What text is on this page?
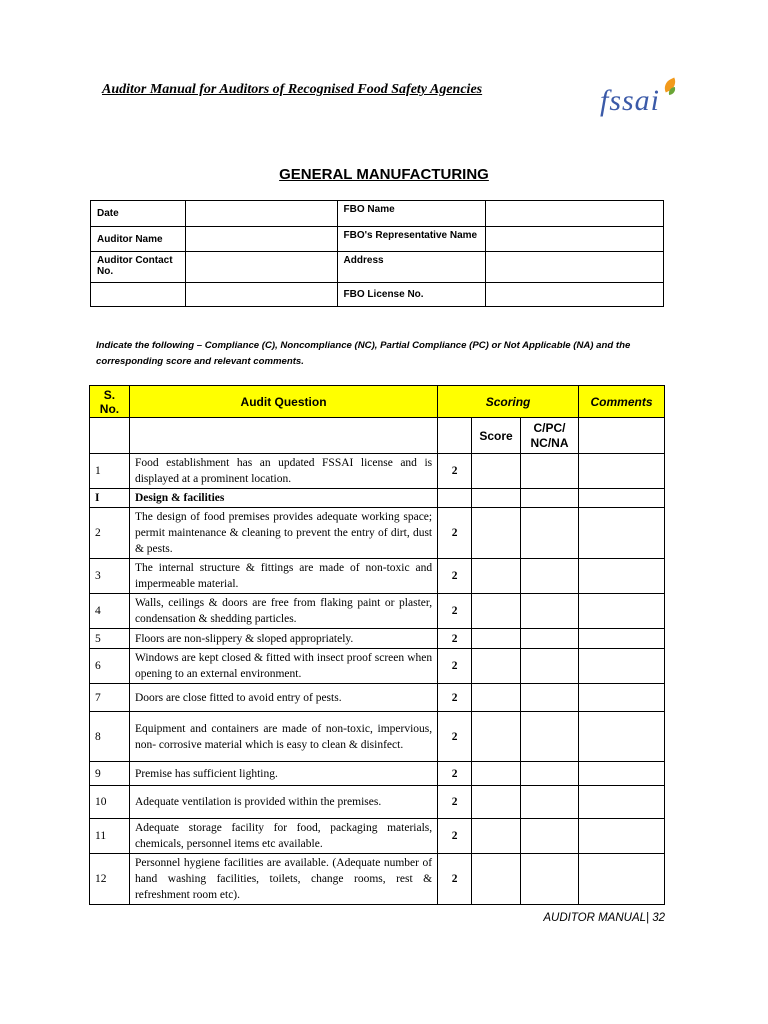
Auditor Manual for Auditors of Recognised Food Safety Agencies	fssai
GENERAL MANUFACTURING
Date		FBO Name	
Auditor Name		FBO's Representative Name	
Auditor Contact No.		Address	
		FBO License No.	
Indicate the following – Compliance (C), Noncompliance (NC), Partial Compliance (PC) or Not Applicable (NA) and the corresponding score and relevant comments.
S. No.	Audit Question	Scoring			Comments
			Score	C/PC/ NC/NA	
1	Food establishment has an updated FSSAI license and is displayed at a prominent location.	2			
I	Design & facilities				
2	The design of food premises provides adequate working space; permit maintenance & cleaning to prevent the entry of dirt, dust & pests.	2			
3	The internal structure & fittings are made of non-toxic and impermeable material.	2			
4	Walls, ceilings & doors are free from flaking paint or plaster, condensation & shedding particles.	2			
5	Floors are non-slippery & sloped appropriately.	2			
6	Windows are kept closed & fitted with insect proof screen when opening to an external environment.	2			
7	Doors are close fitted to avoid entry of pests.	2			
8	Equipment and containers are made of non-toxic, impervious, non- corrosive material which is easy to clean & disinfect.	2			
9	Premise has sufficient lighting.	2			
10	Adequate ventilation is provided within the premises.	2			
11	Adequate storage facility for food, packaging materials, chemicals, personnel items etc available.	2			
12	Personnel hygiene facilities are available. (Adequate number of hand washing facilities, toilets, change rooms, rest & refreshment room etc).	2			
AUDITOR MANUAL| 32
